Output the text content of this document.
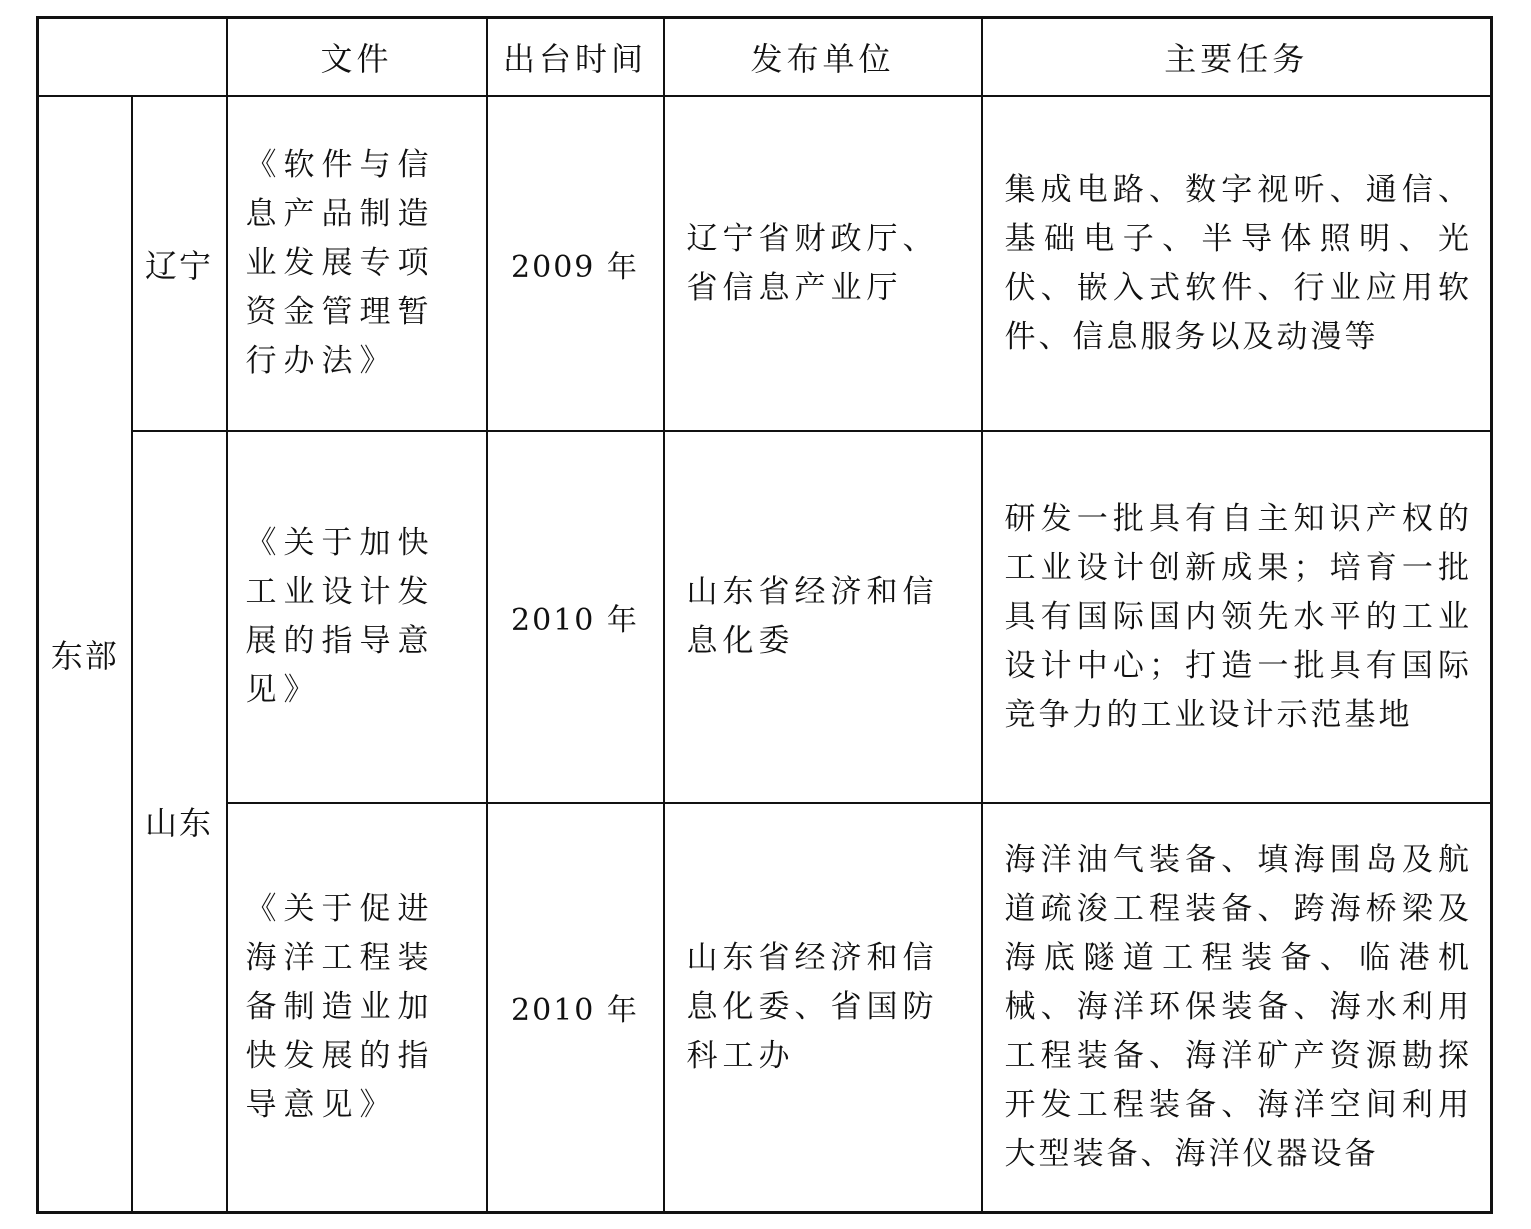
		文件	出台时间	发布单位	主要任务
东部	辽宁	《软件与信息产品制造业发展专项资金管理暂行办法》	2009 年	辽宁省财政厅、省信息产业厅	集成电路、数字视听、通信、基础电子、半导体照明、光伏、嵌入式软件、行业应用软件、信息服务以及动漫等
	山东	《关于加快工业设计发展的指导意见》	2010 年	山东省经济和信息化委	研发一批具有自主知识产权的工业设计创新成果；培育一批具有国际国内领先水平的工业设计中心；打造一批具有国际竞争力的工业设计示范基地
		《关于促进海洋工程装备制造业加快发展的指导意见》	2010 年	山东省经济和信息化委、省国防科工办	海洋油气装备、填海围岛及航道疏浚工程装备、跨海桥梁及海底隧道工程装备、临港机械、海洋环保装备、海水利用工程装备、海洋矿产资源勘探开发工程装备、海洋空间利用大型装备、海洋仪器设备
